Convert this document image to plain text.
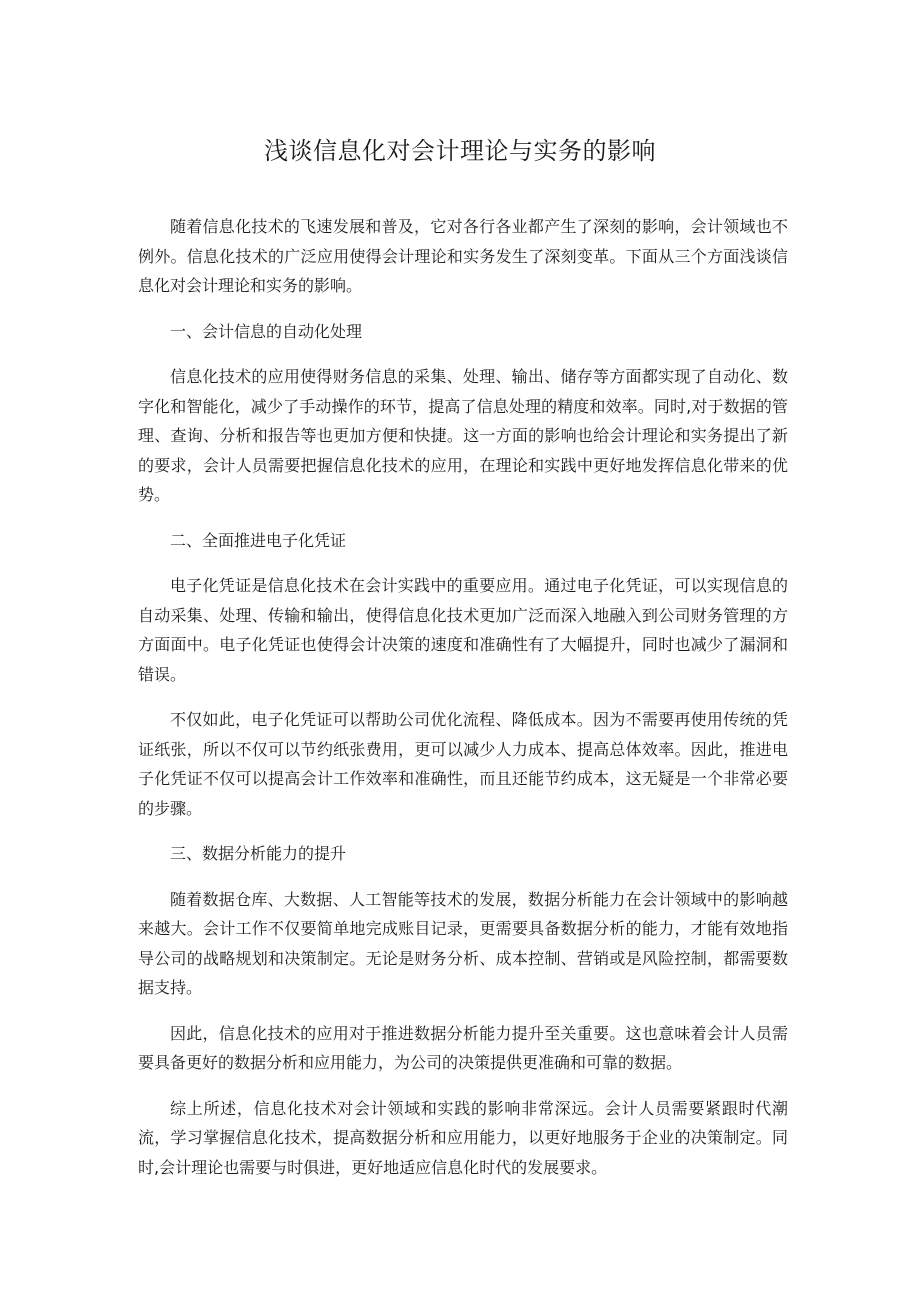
浅谈信息化对会计理论与实务的影响

随着信息化技术的飞速发展和普及，它对各行各业都产生了深刻的影响，会计领域也不例外。信息化技术的广泛应用使得会计理论和实务发生了深刻变革。下面从三个方面浅谈信息化对会计理论和实务的影响。

一、会计信息的自动化处理

信息化技术的应用使得财务信息的采集、处理、输出、储存等方面都实现了自动化、数字化和智能化，减少了手动操作的环节，提高了信息处理的精度和效率。同时,对于数据的管理、查询、分析和报告等也更加方便和快捷。这一方面的影响也给会计理论和实务提出了新的要求，会计人员需要把握信息化技术的应用，在理论和实践中更好地发挥信息化带来的优势。

二、全面推进电子化凭证

电子化凭证是信息化技术在会计实践中的重要应用。通过电子化凭证，可以实现信息的自动采集、处理、传输和输出，使得信息化技术更加广泛而深入地融入到公司财务管理的方方面面中。电子化凭证也使得会计决策的速度和准确性有了大幅提升，同时也减少了漏洞和错误。

不仅如此，电子化凭证可以帮助公司优化流程、降低成本。因为不需要再使用传统的凭证纸张，所以不仅可以节约纸张费用，更可以减少人力成本、提高总体效率。因此，推进电子化凭证不仅可以提高会计工作效率和准确性，而且还能节约成本，这无疑是一个非常必要的步骤。

三、数据分析能力的提升

随着数据仓库、大数据、人工智能等技术的发展，数据分析能力在会计领域中的影响越来越大。会计工作不仅要简单地完成账目记录，更需要具备数据分析的能力，才能有效地指导公司的战略规划和决策制定。无论是财务分析、成本控制、营销或是风险控制，都需要数据支持。

因此，信息化技术的应用对于推进数据分析能力提升至关重要。这也意味着会计人员需要具备更好的数据分析和应用能力，为公司的决策提供更准确和可靠的数据。

综上所述，信息化技术对会计领域和实践的影响非常深远。会计人员需要紧跟时代潮流，学习掌握信息化技术，提高数据分析和应用能力，以更好地服务于企业的决策制定。同时,会计理论也需要与时俱进，更好地适应信息化时代的发展要求。
